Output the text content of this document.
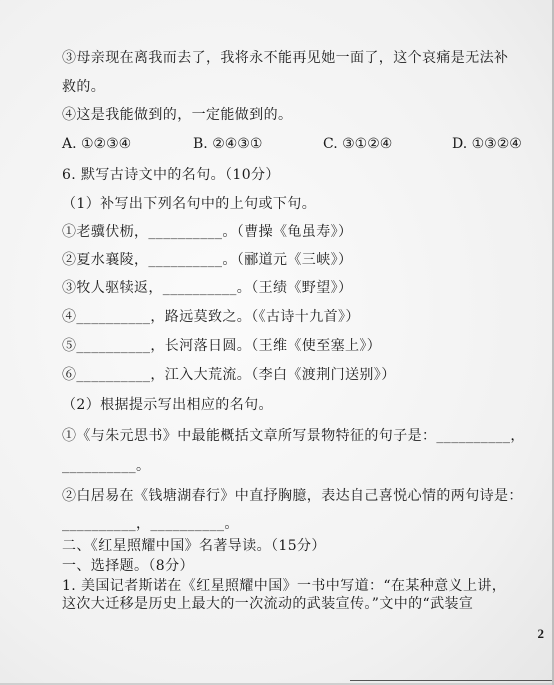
③母亲现在离我而去了，我将永不能再见她一面了，这个哀痛是无法补
救的。
④这是我能做到的，一定能做到的。
A. ①②③④	B. ②④③①	C. ③①②④	D. ①③②④
6. 默写古诗文中的名句。（10分）
（1）补写出下列名句中的上句或下句。
①老骥伏枥，__________。（曹操《龟虽寿》）
②夏水襄陵，__________。（郦道元《三峡》）
③牧人驱犊返，__________。（王绩《野望》）
④__________，路远莫致之。（《古诗十九首》）
⑤__________，长河落日圆。（王维《使至塞上》）
⑥__________，江入大荒流。（李白《渡荆门送别》）
（2）根据提示写出相应的名句。
①《与朱元思书》中最能概括文章所写景物特征的句子是：__________，
__________。
②白居易在《钱塘湖春行》中直抒胸臆，表达自己喜悦心情的两句诗是：
__________，__________。
二、《红星照耀中国》名著导读。（15分）
一、选择题。（8分）
1. 美国记者斯诺在《红星照耀中国》一书中写道：“在某种意义上讲，
这次大迁移是历史上最大的一次流动的武装宣传。”文中的“武装宣
2
